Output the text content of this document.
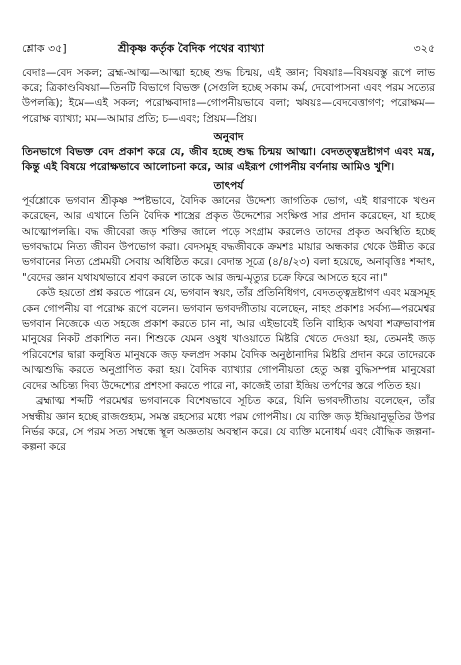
শ্লোক ৩৫]	শ্রীকৃষ্ণ কর্তৃক বৈদিক পথের ব্যাখ্যা	৩২৫

বেদাঃ—বেদ সকল; ব্রহ্ম-আত্ম—আত্মা হচ্ছে শুদ্ধ চিন্ময়, এই জ্ঞান; বিষয়াঃ—বিষয়বস্তু রূপে লাভ করে; ত্রিকাণ্ডবিষয়া—তিনটি বিভাগে বিভক্ত (সেগুলি হচ্ছে সকাম কর্ম, দেবোপাসনা এবং পরম সত্যের উপলব্ধি); ইমে—এই সকল; পরোক্ষবাদাঃ—গোপনীয়ভাবে বলা; ঋষয়ঃ—বেদবেত্তাগণ; পরোক্ষম—পরোক্ষ ব্যাখ্যা; মম—আমার প্রতি; চ—এবং; প্রিয়ম—প্রিয়।

অনুবাদ

তিনভাগে বিভক্ত বেদ প্রকাশ করে যে, জীব হচ্ছে শুদ্ধ চিন্ময় আত্মা। বেদতত্ত্বদ্রষ্টাগণ এবং মন্ত্র, কিন্তু এই বিষয়ে পরোক্ষভাবে আলোচনা করে, আর এইরূপ গোপনীয় বর্ণনায় আমিও খুশি।

তাৎপর্য

পূর্বশ্লোকে ভগবান শ্রীকৃষ্ণ স্পষ্টভাবে, বৈদিক জ্ঞানের উদ্দেশ্য জাগতিক ভোগ, এই ধারণাকে খণ্ডন করেছেন, আর এখানে তিনি বৈদিক শাস্ত্রের প্রকৃত উদ্দেশ্যের সংক্ষিপ্ত সার প্রদান করেছেন, যা হচ্ছে আত্মোপলব্ধি। বদ্ধ জীবেরা জড় শক্তির জালে পড়ে সংগ্রাম করলেও তাদের প্রকৃত অবস্থিতি হচ্ছে ভগবদ্ধামে নিত্য জীবন উপভোগ করা। বেদসমূহ বদ্ধজীবকে ক্রমশঃ মায়ার অন্ধকার থেকে উন্নীত করে ভগবানের নিত্য প্রেমময়ী সেবায় অধিষ্ঠিত করে। বেদান্ত সূত্রে (৪/৪/২৩) বলা হয়েছে, অনাবৃত্তিঃ শব্দাৎ, "বেদের জ্ঞান যথাযথভাবে শ্রবণ করলে তাকে আর জন্ম-মৃত্যুর চক্রে ফিরে আসতে হবে না।"

কেউ হয়তো প্রশ্ন করতে পারেন যে, ভগবান স্বয়ং, তাঁর প্রতিনিধিগণ, বেদতত্ত্বদ্রষ্টাগণ এবং মন্ত্রসমূহ কেন গোপনীয় বা পরোক্ষ রূপে বলেন। ভগবান ভগবদ্গীতায় বলেছেন, নাহং প্রকাশঃ সর্বস্য—পরমেশ্বর ভগবান নিজেকে এত সহজে প্রকাশ করতে চান না, আর এইভাবেই তিনি বাহ্যিক অথবা শত্রুভাবাপন্ন মানুষের নিকট প্রকাশিত নন। শিশুকে যেমন ওষুধ খাওয়াতে মিষ্টরি খেতে দেওয়া হয়, তেমনই জড় পরিবেশের দ্বারা কলুষিত মানুষকে জড় ফলপ্রদ সকাম বৈদিক অনুষ্ঠানাদির মিষ্টরি প্রদান করে তাদেরকে আত্মশুদ্ধি করতে অনুপ্রাণিত করা হয়। বৈদিক ব্যাখ্যার গোপনীয়তা হেতু অল্প বুদ্ধিসম্পন্ন মানুষেরা বেদের অচিন্ত্য দিব্য উদ্দেশ্যের প্রশংসা করতে পারে না, কাজেই তারা ইন্দ্রিয় তর্পণের স্তরে পতিত হয়।

ব্রহ্মাত্ম শব্দটি পরমেশ্বর ভগবানকে বিশেষভাবে সূচিত করে, যিনি ভগবদ্গীতায় বলেছেন, তাঁর সম্বন্ধীয় জ্ঞান হচ্ছে রাজগুহ্যম, সমস্ত রহস্যের মধ্যে পরম গোপনীয়। যে ব্যক্তি জড় ইন্দ্রিয়ানুভূতির উপর নির্ভর করে, সে পরম সত্য সম্বন্ধে স্থূল অজ্ঞতায় অবস্থান করে। যে ব্যক্তি মনোধর্ম এবং বৌদ্ধিক জল্পনা-কল্পনা করে
